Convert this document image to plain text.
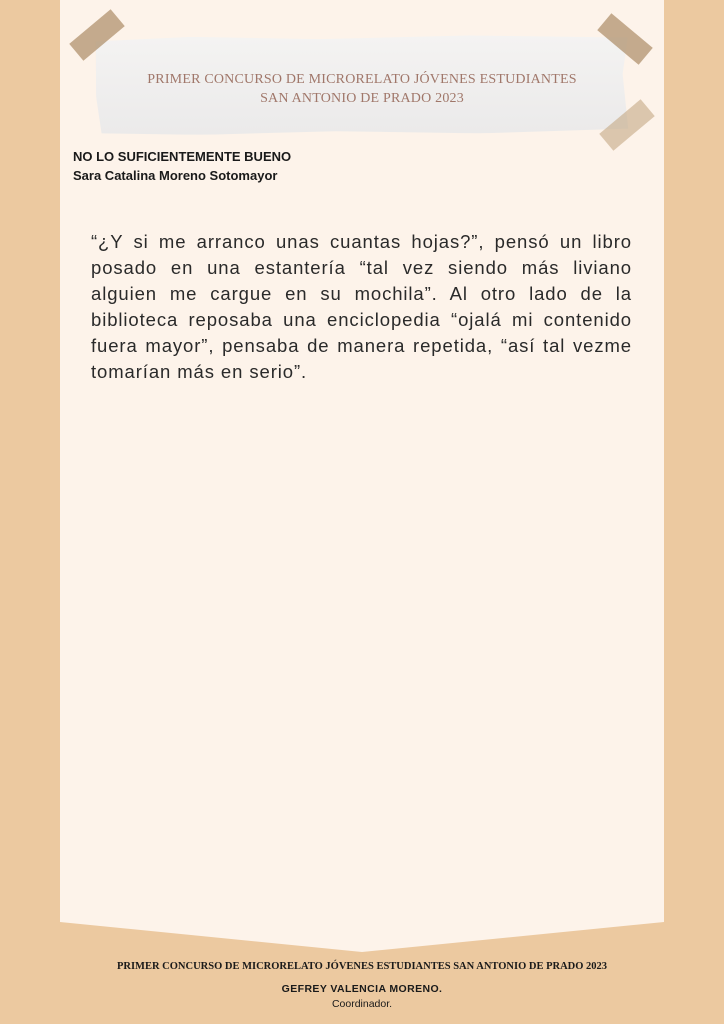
PRIMER CONCURSO DE MICRORELATO JÓVENES ESTUDIANTES
SAN ANTONIO DE PRADO 2023
NO LO SUFICIENTEMENTE BUENO
Sara Catalina Moreno Sotomayor

“¿Y si me arranco unas cuantas hojas?”, pensó un libro posado en una estantería “tal vez siendo más liviano alguien me cargue en su mochila”. Al otro lado de la biblioteca reposaba una enciclopedia “ojalá mi contenido fuera mayor”, pensaba de manera repetida, “así tal vezme tomarían más en serio”.

PRIMER CONCURSO DE MICRORELATO JÓVENES ESTUDIANTES SAN ANTONIO DE PRADO 2023
GEFREY VALENCIA MORENO.
Coordinador.
